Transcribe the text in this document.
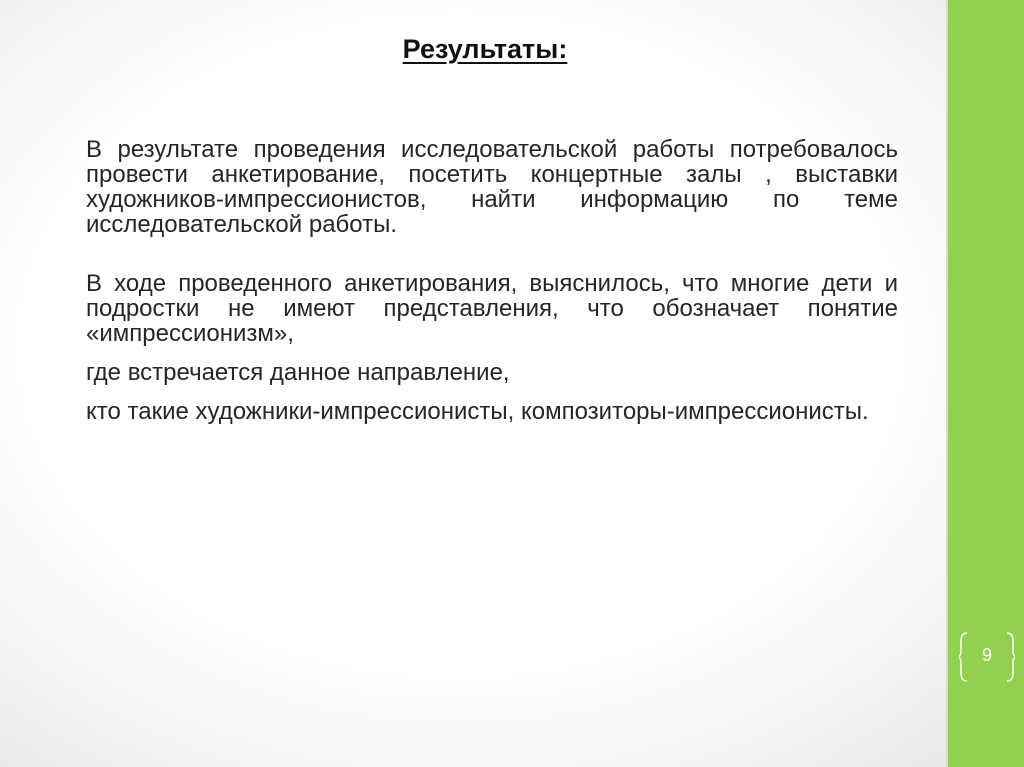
Результаты:

В результате проведения исследовательской работы потребовалось провести анкетирование, посетить концертные залы , выставки художников-импрессионистов, найти информацию по теме исследовательской работы.

В ходе проведенного анкетирования, выяснилось, что многие дети и подростки не имеют представления, что обозначает понятие «импрессионизм»,

где встречается данное направление,

кто такие художники-импрессионисты, композиторы-импрессионисты.

9
